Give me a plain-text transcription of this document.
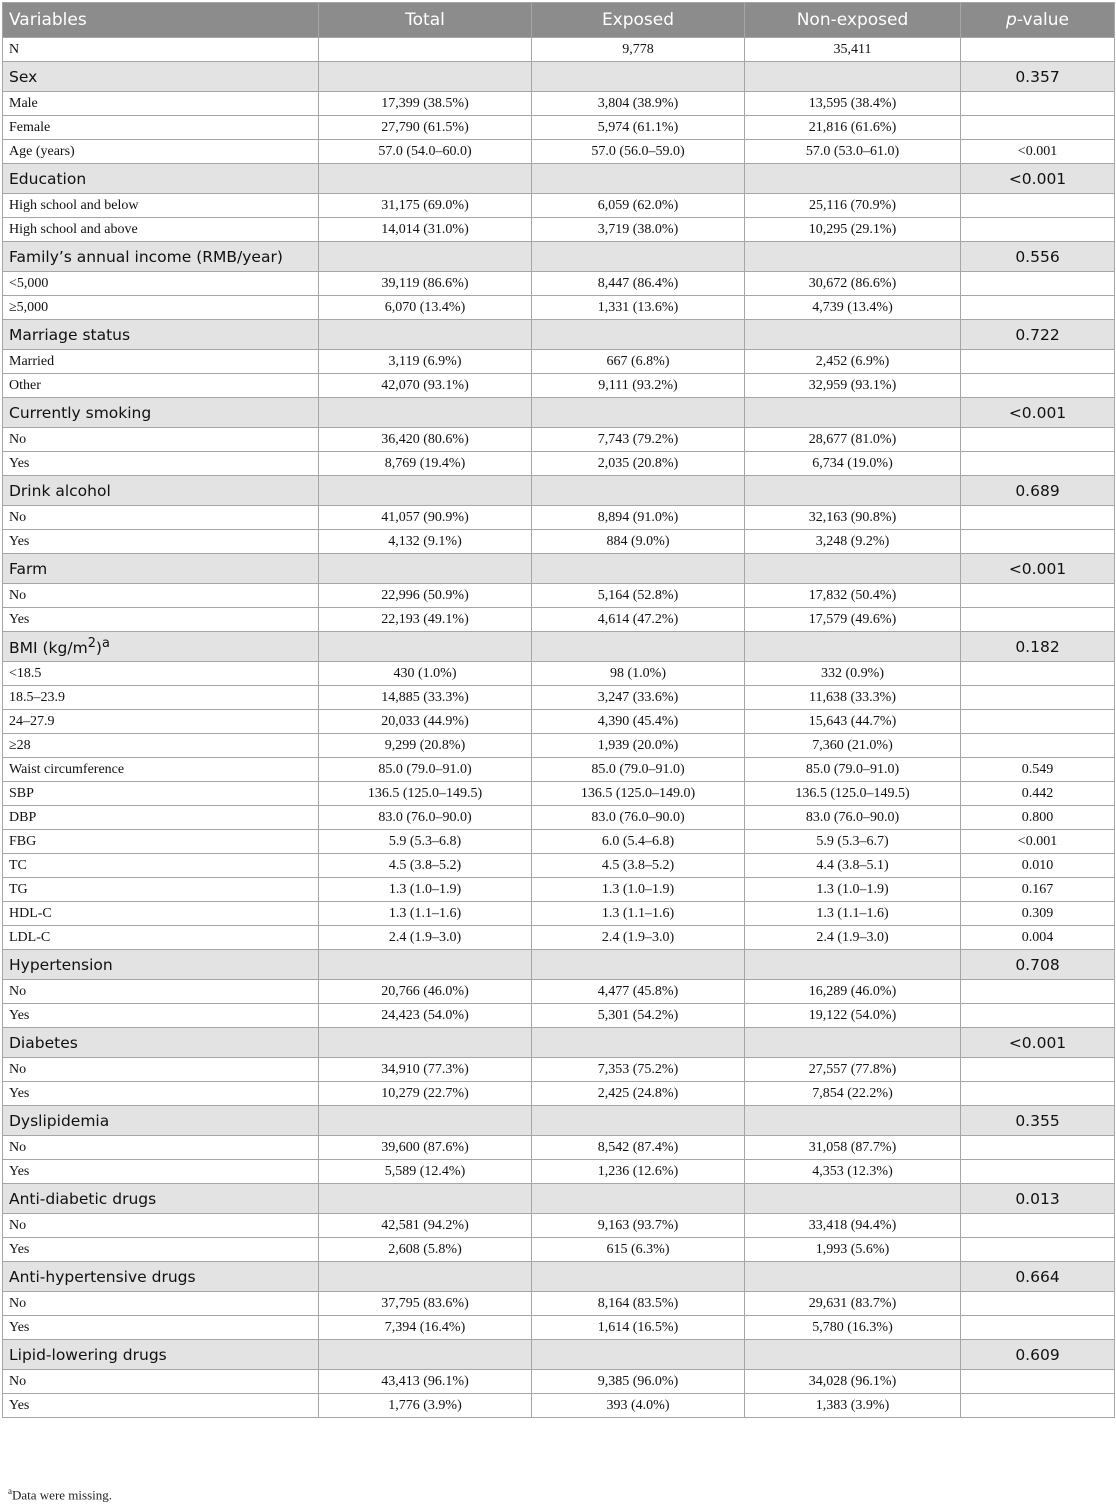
Variables	Total	Exposed	Non-exposed	p-value
N		9,778	35,411	
Sex				0.357
Male	17,399 (38.5%)	3,804 (38.9%)	13,595 (38.4%)	
Female	27,790 (61.5%)	5,974 (61.1%)	21,816 (61.6%)	
Age (years)	57.0 (54.0–60.0)	57.0 (56.0–59.0)	57.0 (53.0–61.0)	<0.001
Education				<0.001
High school and below	31,175 (69.0%)	6,059 (62.0%)	25,116 (70.9%)	
High school and above	14,014 (31.0%)	3,719 (38.0%)	10,295 (29.1%)	
Family’s annual income (RMB/year)				0.556
<5,000	39,119 (86.6%)	8,447 (86.4%)	30,672 (86.6%)	
≥5,000	6,070 (13.4%)	1,331 (13.6%)	4,739 (13.4%)	
Marriage status				0.722
Married	3,119 (6.9%)	667 (6.8%)	2,452 (6.9%)	
Other	42,070 (93.1%)	9,111 (93.2%)	32,959 (93.1%)	
Currently smoking				<0.001
No	36,420 (80.6%)	7,743 (79.2%)	28,677 (81.0%)	
Yes	8,769 (19.4%)	2,035 (20.8%)	6,734 (19.0%)	
Drink alcohol				0.689
No	41,057 (90.9%)	8,894 (91.0%)	32,163 (90.8%)	
Yes	4,132 (9.1%)	884 (9.0%)	3,248 (9.2%)	
Farm				<0.001
No	22,996 (50.9%)	5,164 (52.8%)	17,832 (50.4%)	
Yes	22,193 (49.1%)	4,614 (47.2%)	17,579 (49.6%)	
BMI $(kg/m^2)^a$				0.182
<18.5	430 (1.0%)	98 (1.0%)	332 (0.9%)	
18.5–23.9	14,885 (33.3%)	3,247 (33.6%)	11,638 (33.3%)	
24–27.9	20,033 (44.9%)	4,390 (45.4%)	15,643 (44.7%)	
≥28	9,299 (20.8%)	1,939 (20.0%)	7,360 (21.0%)	
Waist circumference	85.0 (79.0–91.0)	85.0 (79.0–91.0)	85.0 (79.0–91.0)	0.549
SBP	136.5 (125.0–149.5)	136.5 (125.0–149.0)	136.5 (125.0–149.5)	0.442
DBP	83.0 (76.0–90.0)	83.0 (76.0–90.0)	83.0 (76.0–90.0)	0.800
FBG	5.9 (5.3–6.8)	6.0 (5.4–6.8)	5.9 (5.3–6.7)	<0.001
TC	4.5 (3.8–5.2)	4.5 (3.8–5.2)	4.4 (3.8–5.1)	0.010
TG	1.3 (1.0–1.9)	1.3 (1.0–1.9)	1.3 (1.0–1.9)	0.167
HDL-C	1.3 (1.1–1.6)	1.3 (1.1–1.6)	1.3 (1.1–1.6)	0.309
LDL-C	2.4 (1.9–3.0)	2.4 (1.9–3.0)	2.4 (1.9–3.0)	0.004
Hypertension				0.708
No	20,766 (46.0%)	4,477 (45.8%)	16,289 (46.0%)	
Yes	24,423 (54.0%)	5,301 (54.2%)	19,122 (54.0%)	
Diabetes				<0.001
No	34,910 (77.3%)	7,353 (75.2%)	27,557 (77.8%)	
Yes	10,279 (22.7%)	2,425 (24.8%)	7,854 (22.2%)	
Dyslipidemia				0.355
No	39,600 (87.6%)	8,542 (87.4%)	31,058 (87.7%)	
Yes	5,589 (12.4%)	1,236 (12.6%)	4,353 (12.3%)	
Anti-diabetic drugs				0.013
No	42,581 (94.2%)	9,163 (93.7%)	33,418 (94.4%)	
Yes	2,608 (5.8%)	615 (6.3%)	1,993 (5.6%)	
Anti-hypertensive drugs				0.664
No	37,795 (83.6%)	8,164 (83.5%)	29,631 (83.7%)	
Yes	7,394 (16.4%)	1,614 (16.5%)	5,780 (16.3%)	
Lipid-lowering drugs				0.609
No	43,413 (96.1%)	9,385 (96.0%)	34,028 (96.1%)	
Yes	1,776 (3.9%)	393 (4.0%)	1,383 (3.9%)	

$^a$Data were missing.
